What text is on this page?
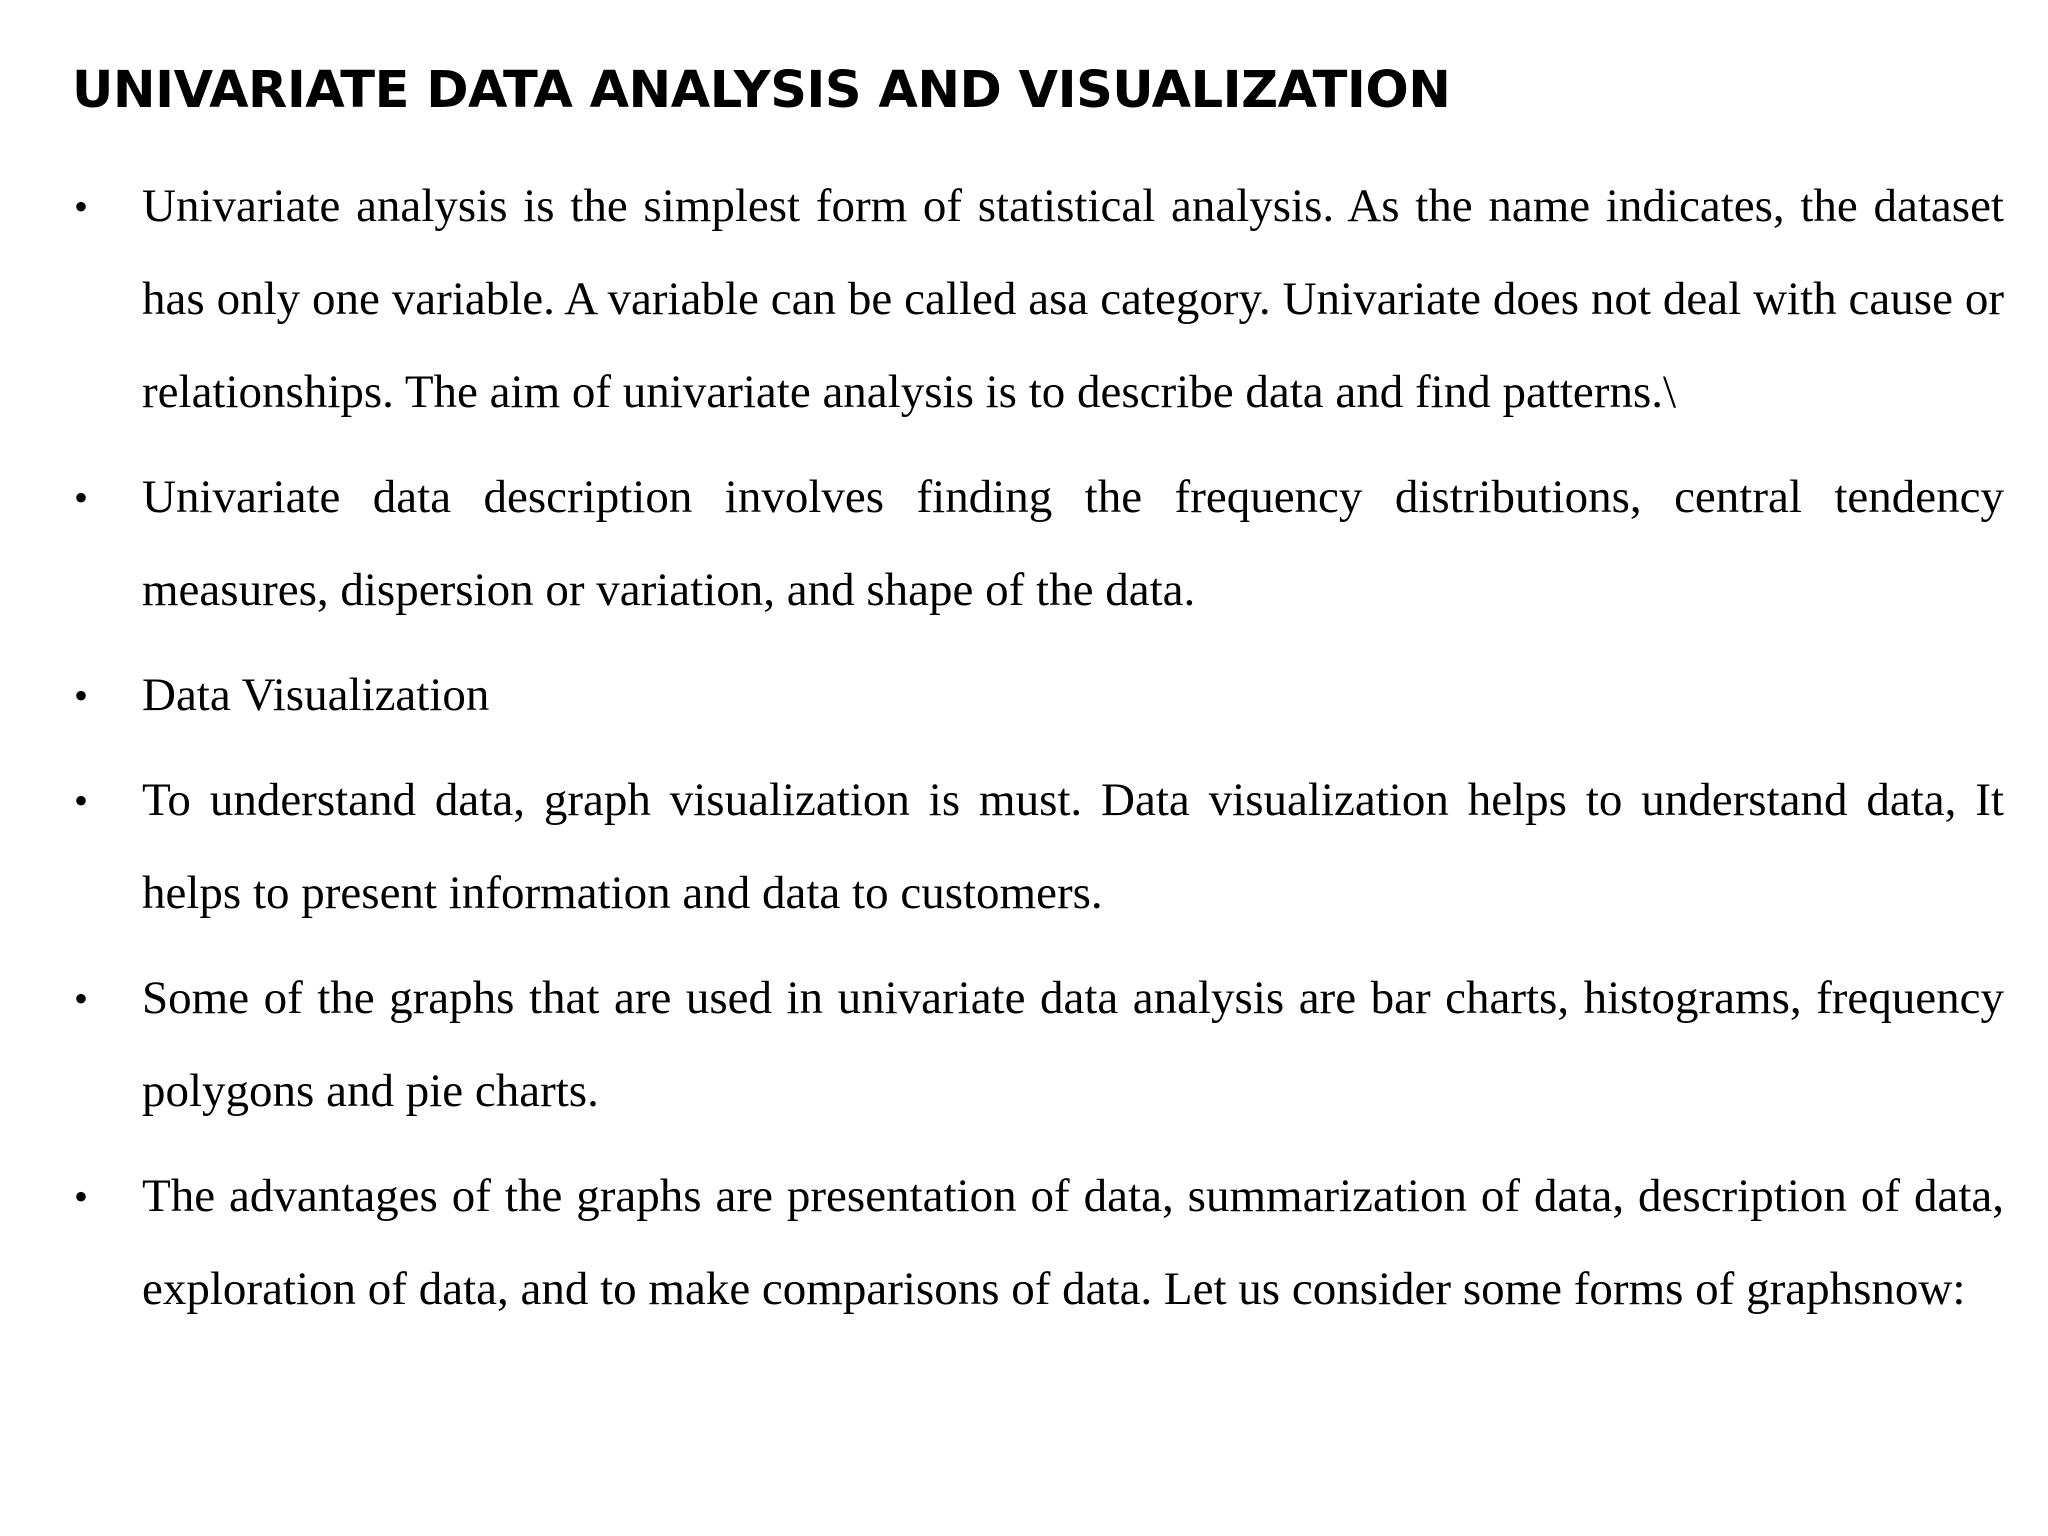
UNIVARIATE DATA ANALYSIS AND VISUALIZATION
•	Univariate analysis is the simplest form of statistical analysis. As the name indicates, the dataset has only one variable. A variable can be called asa category. Univariate does not deal with cause or relationships. The aim of univariate analysis is to describe data and find patterns.\

•	Univariate data description involves finding the frequency distributions, central tendency measures, dispersion or variation, and shape of the data.

•	Data Visualization

•	To understand data, graph visualization is must. Data visualization helps to understand data, It helps to present information and data to customers.

•	Some of the graphs that are used in univariate data analysis are bar charts, histograms, frequency polygons and pie charts.

•	The advantages of the graphs are presentation of data, summarization of data, description of data, exploration of data, and to make comparisons of data. Let us consider some forms of graphsnow:
